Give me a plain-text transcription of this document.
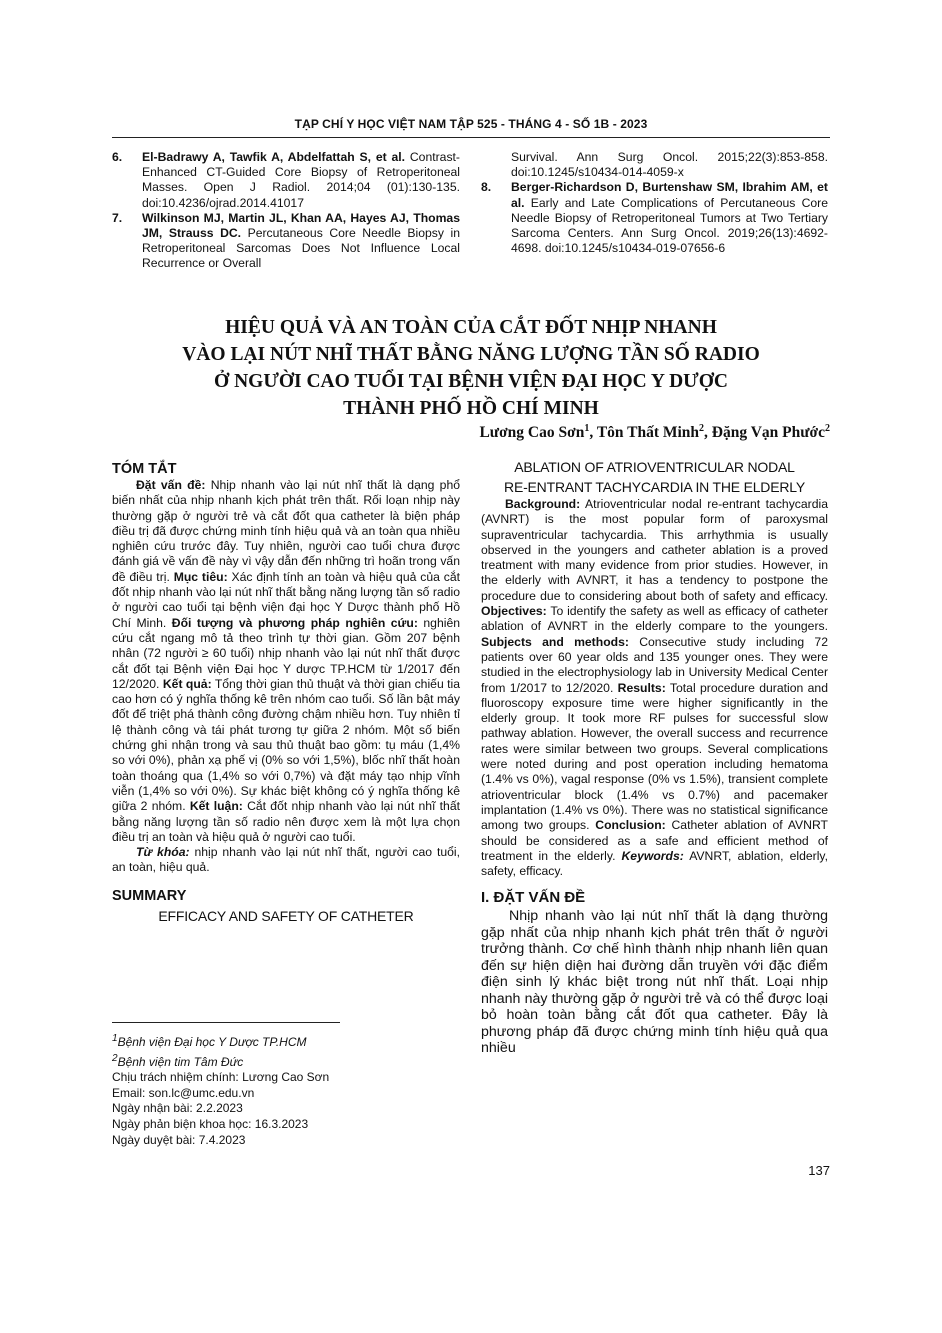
TẠP CHÍ Y HỌC VIỆT NAM TẬP 525 - THÁNG 4 - SỐ 1B - 2023
6.	El-Badrawy A, Tawfik A, Abdelfattah S, et al. Contrast-Enhanced CT-Guided Core Biopsy of Retroperitoneal Masses. Open J Radiol. 2014;04 (01):130-135. doi:10.4236/ojrad.2014.41017
7.	Wilkinson MJ, Martin JL, Khan AA, Hayes AJ, Thomas JM, Strauss DC. Percutaneous Core Needle Biopsy in Retroperitoneal Sarcomas Does Not Influence Local Recurrence or Overall
Survival. Ann Surg Oncol. 2015;22(3):853-858. doi:10.1245/s10434-014-4059-x
8.	Berger-Richardson D, Burtenshaw SM, Ibrahim AM, et al. Early and Late Complications of Percutaneous Core Needle Biopsy of Retroperitoneal Tumors at Two Tertiary Sarcoma Centers. Ann Surg Oncol. 2019;26(13):4692-4698. doi:10.1245/s10434-019-07656-6
HIỆU QUẢ VÀ AN TOÀN CỦA CẮT ĐỐT NHỊP NHANH
VÀO LẠI NÚT NHĨ THẤT BẰNG NĂNG LƯỢNG TẦN SỐ RADIO
Ở NGƯỜI CAO TUỔI TẠI BỆNH VIỆN ĐẠI HỌC Y DƯỢC
THÀNH PHỐ HỒ CHÍ MINH
Lương Cao Sơn$^1$, Tôn Thất Minh$^2$, Đặng Vạn Phước$^2$
TÓM TẮT
Đặt vấn đề: Nhịp nhanh vào lại nút nhĩ thất là dạng phổ biến nhất của nhịp nhanh kịch phát trên thất. Rối loạn nhịp này thường gặp ở người trẻ và cắt đốt qua catheter là biện pháp điều trị đã được chứng minh tính hiệu quả và an toàn qua nhiều nghiên cứu trước đây. Tuy nhiên, người cao tuổi chưa được đánh giá về vấn đề này vì vậy dẫn đến những trì hoãn trong vấn đề điều trị. Mục tiêu: Xác định tính an toàn và hiệu quả của cắt đốt nhịp nhanh vào lại nút nhĩ thất bằng năng lượng tần số radio ở người cao tuổi tại bệnh viện đại học Y Dược thành phố Hồ Chí Minh. Đối tượng và phương pháp nghiên cứu: nghiên cứu cắt ngang mô tả theo trình tự thời gian. Gồm 207 bệnh nhân (72 người ≥ 60 tuổi) nhịp nhanh vào lại nút nhĩ thất được cắt đốt tại Bệnh viện Đại học Y dược TP.HCM từ 1/2017 đến 12/2020. Kết quả: Tổng thời gian thủ thuật và thời gian chiếu tia cao hơn có ý nghĩa thống kê trên nhóm cao tuổi. Số lần bật máy đốt để triệt phá thành công đường chậm nhiều hơn. Tuy nhiên tỉ lệ thành công và tái phát tương tự giữa 2 nhóm. Một số biến chứng ghi nhận trong và sau thủ thuật bao gồm: tụ máu (1,4% so với 0%), phản xạ phế vị (0% so với 1,5%), blốc nhĩ thất hoàn toàn thoáng qua (1,4% so với 0,7%) và đặt máy tạo nhịp vĩnh viễn (1,4% so với 0%). Sự khác biệt không có ý nghĩa thống kê giữa 2 nhóm. Kết luận: Cắt đốt nhịp nhanh vào lại nút nhĩ thất bằng năng lượng tần số radio nên được xem là một lựa chọn điều trị an toàn và hiệu quả ở người cao tuổi.
Từ khóa: nhịp nhanh vào lại nút nhĩ thất, người cao tuổi, an toàn, hiệu quả.
SUMMARY
EFFICACY AND SAFETY OF CATHETER
$^1$Bệnh viện Đại học Y Dược TP.HCM
$^2$Bệnh viện tim Tâm Đức
Chịu trách nhiệm chính: Lương Cao Sơn
Email: son.lc@umc.edu.vn
Ngày nhận bài: 2.2.2023
Ngày phản biện khoa học: 16.3.2023
Ngày duyệt bài: 7.4.2023
ABLATION OF ATRIOVENTRICULAR NODAL
RE-ENTRANT TACHYCARDIA IN THE ELDERLY
Background: Atrioventricular nodal re-entrant tachycardia (AVNRT) is the most popular form of paroxysmal supraventricular tachycardia. This arrhythmia is usually observed in the youngers and catheter ablation is a proved treatment with many evidence from prior studies. However, in the elderly with AVNRT, it has a tendency to postpone the procedure due to considering about both of safety and efficacy. Objectives: To identify the safety as well as efficacy of catheter ablation of AVNRT in the elderly compare to the youngers. Subjects and methods: Consecutive study including 72 patients over 60 year olds and 135 younger ones. They were studied in the electrophysiology lab in University Medical Center from 1/2017 to 12/2020. Results: Total procedure duration and fluoroscopy exposure time were higher significantly in the elderly group. It took more RF pulses for successful slow pathway ablation. However, the overall success and recurrence rates were similar between two groups. Several complications were noted during and post operation including hematoma (1.4% vs 0%), vagal response (0% vs 1.5%), transient complete atrioventricular block (1.4% vs 0.7%) and pacemaker implantation (1.4% vs 0%). There was no statistical significance among two groups. Conclusion: Catheter ablation of AVNRT should be considered as a safe and efficient method of treatment in the elderly. Keywords: AVNRT, ablation, elderly, safety, efficacy.
I. ĐẶT VẤN ĐỀ
Nhịp nhanh vào lại nút nhĩ thất là dạng thường gặp nhất của nhịp nhanh kịch phát trên thất ở người trưởng thành. Cơ chế hình thành nhịp nhanh liên quan đến sự hiện diện hai đường dẫn truyền với đặc điểm điện sinh lý khác biệt trong nút nhĩ thất. Loại nhịp nhanh này thường gặp ở người trẻ và có thể được loại bỏ hoàn toàn bằng cắt đốt qua catheter. Đây là phương pháp đã được chứng minh tính hiệu quả qua nhiều
137
